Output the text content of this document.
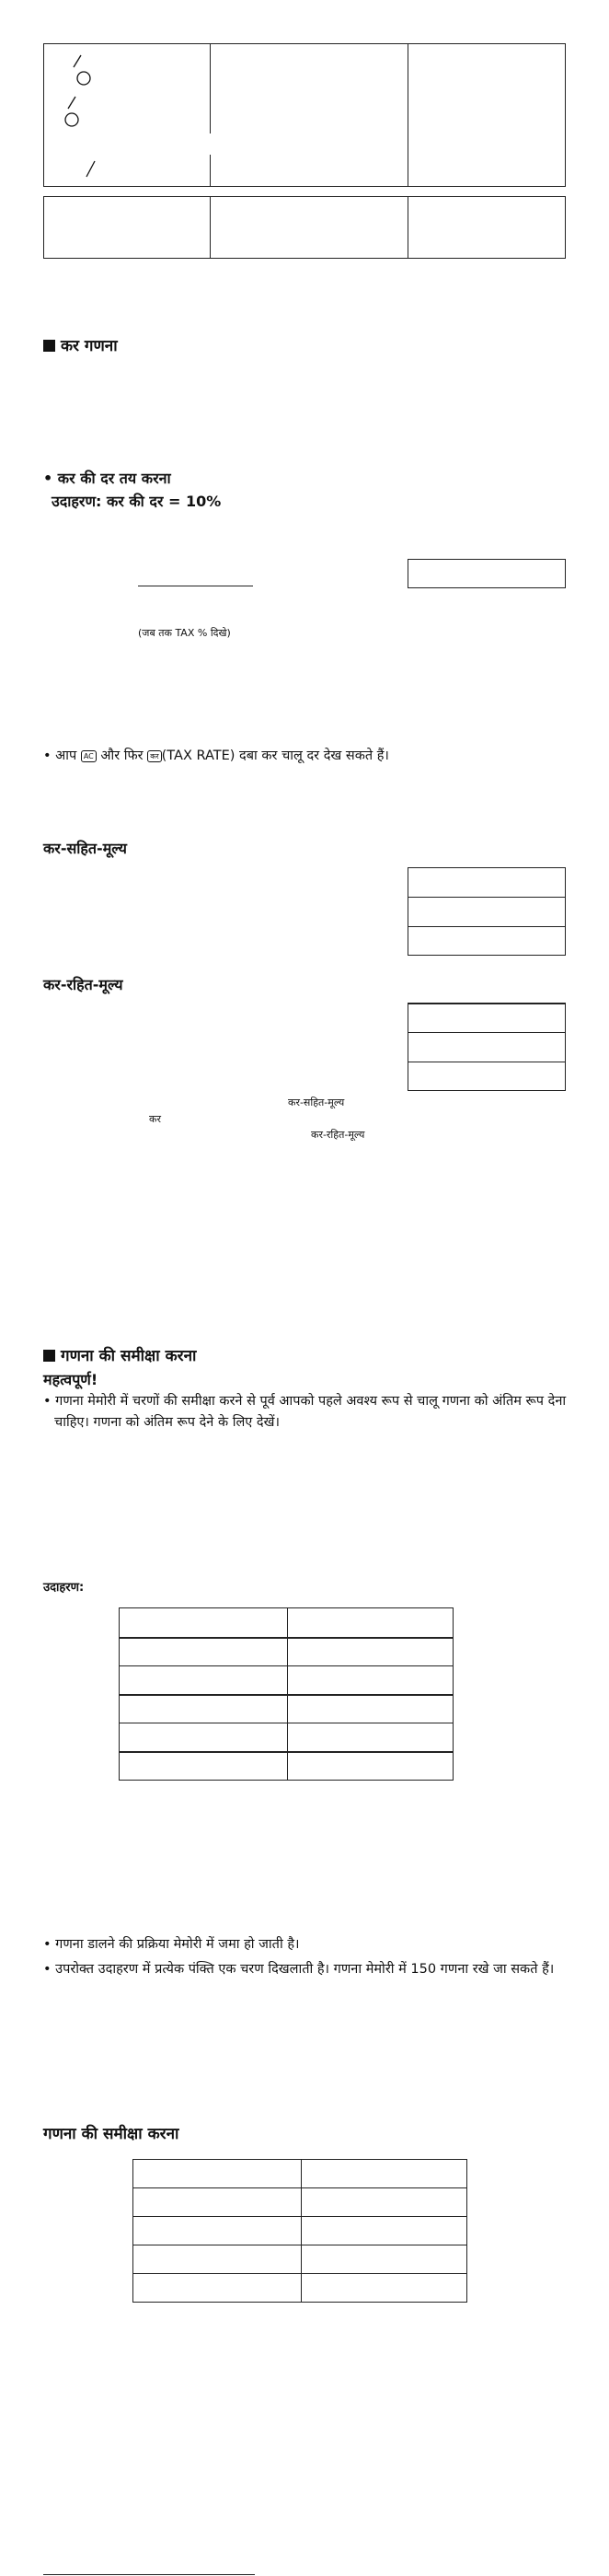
कर गणना
• कर की दर तय करना
उदाहरण: कर की दर = 10%
(जब तक TAX % दिखे)
• आप AC और फिर कर (TAX RATE) दबा कर चालू दर देख सकते हैं।
कर-सहित-मूल्य
कर-रहित-मूल्य
कर-सहित-मूल्य
कर
कर-रहित-मूल्य
गणना की समीक्षा करना
महत्वपूर्ण!
• गणना मेमोरी में चरणों की समीक्षा करने से पूर्व आपको पहले अवश्य रूप से चालू गणना को अंतिम रूप देना चाहिए। गणना को अंतिम रूप देने के लिए देखें।
उदाहरण:

• गणना डालने की प्रक्रिया मेमोरी में जमा हो जाती है।
• उपरोक्त उदाहरण में प्रत्येक पंक्ति एक चरण दिखलाती है। गणना मेमोरी में 150 गणना रखे जा सकते हैं।
गणना की समीक्षा करना
